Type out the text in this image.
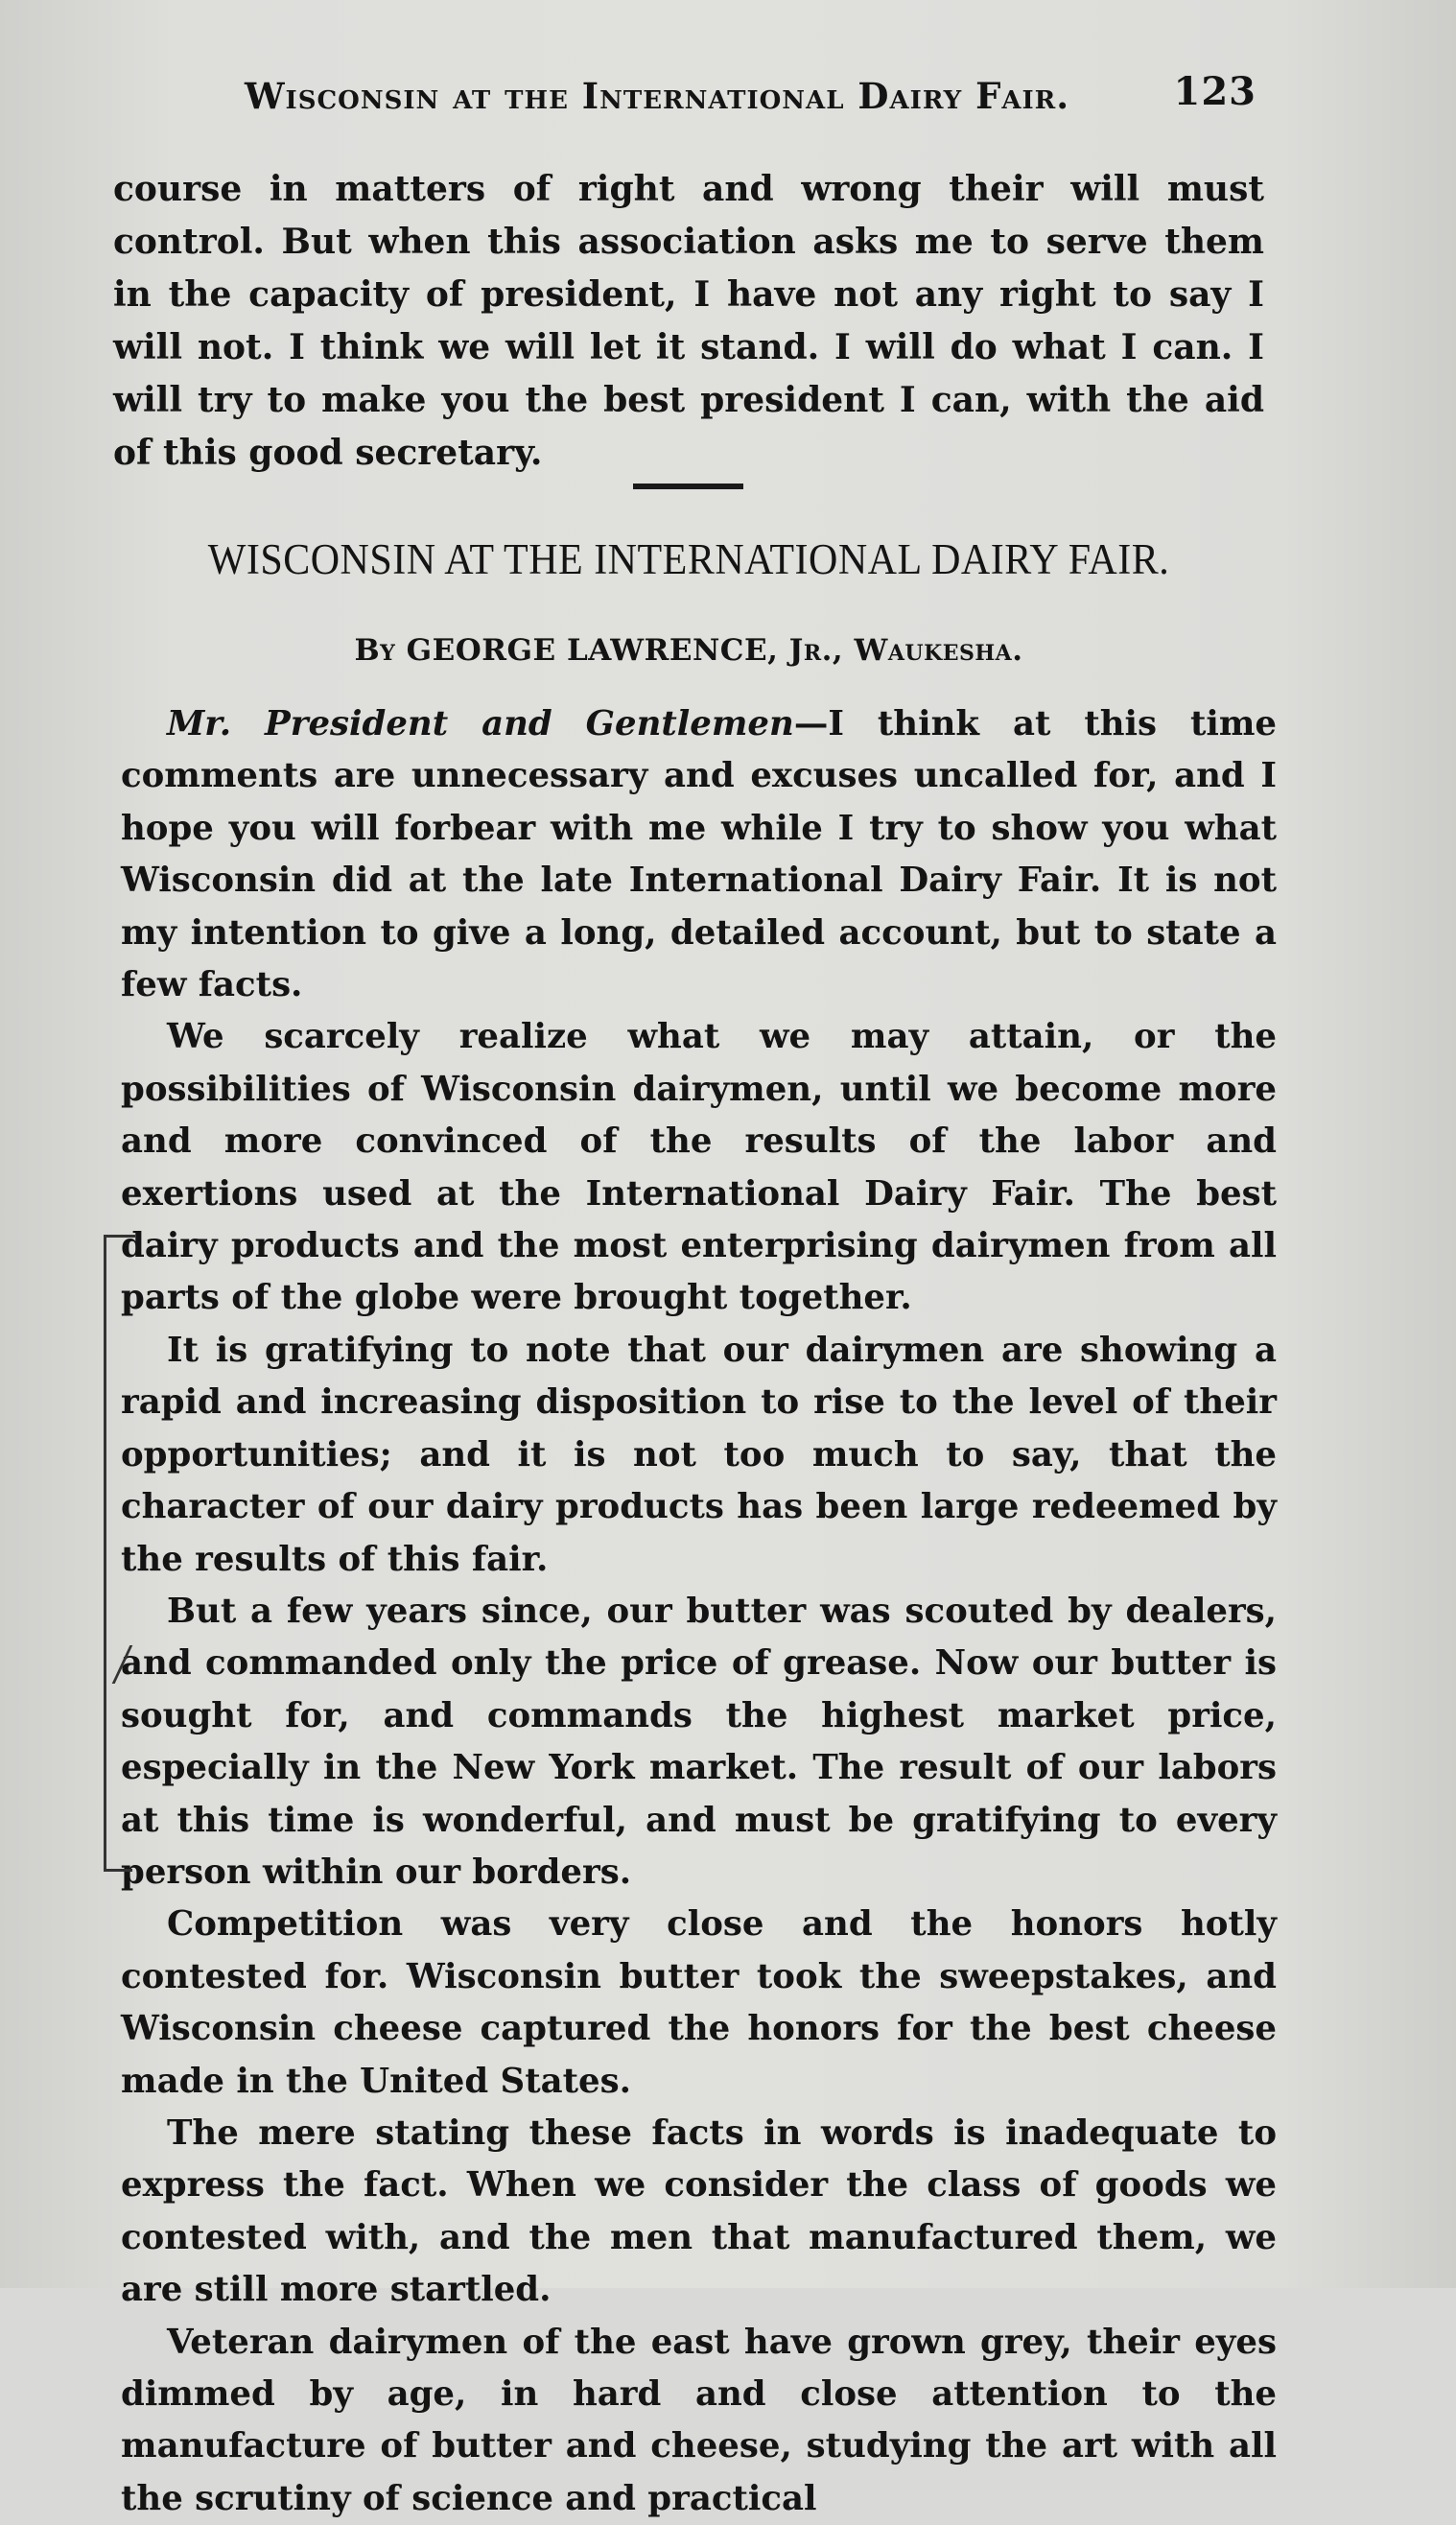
Wisconsin at the International Dairy Fair.	123

course in matters of right and wrong their will must control. But when this association asks me to serve them in the capacity of president, I have not any right to say I will not. I think we will let it stand. I will do what I can. I will try to make you the best president I can, with the aid of this good secretary.

WISCONSIN AT THE INTERNATIONAL DAIRY FAIR.
By GEORGE LAWRENCE, Jr., Waukesha.

Mr. President and Gentlemen—I think at this time comments are unnecessary and excuses uncalled for, and I hope you will forbear with me while I try to show you what Wisconsin did at the late International Dairy Fair. It is not my intention to give a long, detailed account, but to state a few facts.

We scarcely realize what we may attain, or the possibilities of Wisconsin dairymen, until we become more and more convinced of the results of the labor and exertions used at the International Dairy Fair. The best dairy products and the most enterprising dairymen from all parts of the globe were brought together.

It is gratifying to note that our dairymen are showing a rapid and increasing disposition to rise to the level of their opportunities; and it is not too much to say, that the character of our dairy products has been large redeemed by the results of this fair.

But a few years since, our butter was scouted by dealers, and commanded only the price of grease. Now our butter is sought for, and commands the highest market price, especially in the New York market. The result of our labors at this time is wonderful, and must be gratifying to every person within our borders.

Competition was very close and the honors hotly contested for. Wisconsin butter took the sweepstakes, and Wisconsin cheese captured the honors for the best cheese made in the United States.

The mere stating these facts in words is inadequate to express the fact. When we consider the class of goods we contested with, and the men that manufactured them, we are still more startled.

Veteran dairymen of the east have grown grey, their eyes dimmed by age, in hard and close attention to the manufacture of butter and cheese, studying the art with all the scrutiny of science and practical
